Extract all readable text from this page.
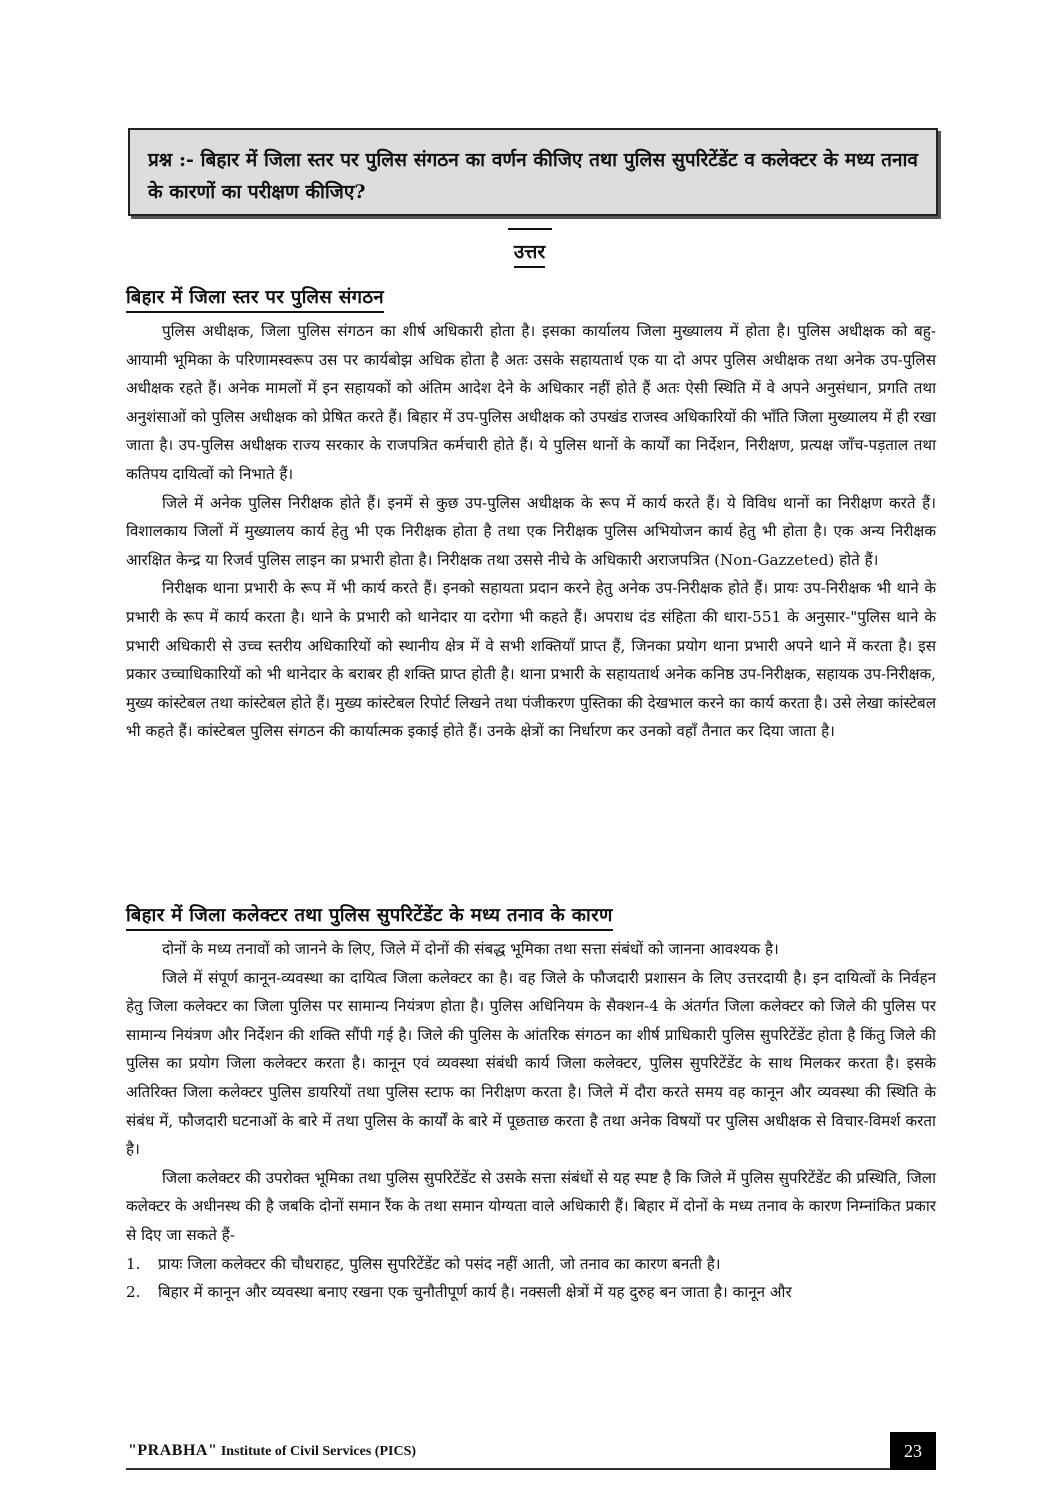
प्रश्न :- बिहार में जिला स्तर पर पुलिस संगठन का वर्णन कीजिए तथा पुलिस सुपरिटेंडेंट व कलेक्टर के मध्य तनाव के कारणों का परीक्षण कीजिए?
उत्तर
बिहार में जिला स्तर पर पुलिस संगठन

पुलिस अधीक्षक, जिला पुलिस संगठन का शीर्ष अधिकारी होता है। इसका कार्यालय जिला मुख्यालय में होता है। पुलिस अधीक्षक को बहु-आयामी भूमिका के परिणामस्वरूप उस पर कार्यबोझ अधिक होता है अतः उसके सहायतार्थ एक या दो अपर पुलिस अधीक्षक तथा अनेक उप-पुलिस अधीक्षक रहते हैं। अनेक मामलों में इन सहायकों को अंतिम आदेश देने के अधिकार नहीं होते हैं अतः ऐसी स्थिति में वे अपने अनुसंधान, प्रगति तथा अनुशंसाओं को पुलिस अधीक्षक को प्रेषित करते हैं। बिहार में उप-पुलिस अधीक्षक को उपखंड राजस्व अधिकारियों की भाँति जिला मुख्यालय में ही रखा जाता है। उप-पुलिस अधीक्षक राज्य सरकार के राजपत्रित कर्मचारी होते हैं। ये पुलिस थानों के कार्यों का निर्देशन, निरीक्षण, प्रत्यक्ष जाँच-पड़ताल तथा कतिपय दायित्वों को निभाते हैं।

जिले में अनेक पुलिस निरीक्षक होते हैं। इनमें से कुछ उप-पुलिस अधीक्षक के रूप में कार्य करते हैं। ये विविध थानों का निरीक्षण करते हैं। विशालकाय जिलों में मुख्यालय कार्य हेतु भी एक निरीक्षक होता है तथा एक निरीक्षक पुलिस अभियोजन कार्य हेतु भी होता है। एक अन्य निरीक्षक आरक्षित केन्द्र या रिजर्व पुलिस लाइन का प्रभारी होता है। निरीक्षक तथा उससे नीचे के अधिकारी अराजपत्रित (Non-Gazzeted) होते हैं।

निरीक्षक थाना प्रभारी के रूप में भी कार्य करते हैं। इनको सहायता प्रदान करने हेतु अनेक उप-निरीक्षक होते हैं। प्रायः उप-निरीक्षक भी थाने के प्रभारी के रूप में कार्य करता है। थाने के प्रभारी को थानेदार या दरोगा भी कहते हैं। अपराध दंड संहिता की धारा-551 के अनुसार-"पुलिस थाने के प्रभारी अधिकारी से उच्च स्तरीय अधिकारियों को स्थानीय क्षेत्र में वे सभी शक्तियाँ प्राप्त हैं, जिनका प्रयोग थाना प्रभारी अपने थाने में करता है। इस प्रकार उच्चाधिकारियों को भी थानेदार के बराबर ही शक्ति प्राप्त होती है। थाना प्रभारी के सहायतार्थ अनेक कनिष्ठ उप-निरीक्षक, सहायक उप-निरीक्षक, मुख्य कांस्टेबल तथा कांस्टेबल होते हैं। मुख्य कांस्टेबल रिपोर्ट लिखने तथा पंजीकरण पुस्तिका की देखभाल करने का कार्य करता है। उसे लेखा कांस्टेबल भी कहते हैं। कांस्टेबल पुलिस संगठन की कार्यात्मक इकाई होते हैं। उनके क्षेत्रों का निर्धारण कर उनको वहाँ तैनात कर दिया जाता है।

बिहार में जिला कलेक्टर तथा पुलिस सुपरिटेंडेंट के मध्य तनाव के कारण

दोनों के मध्य तनावों को जानने के लिए, जिले में दोनों की संबद्ध भूमिका तथा सत्ता संबंधों को जानना आवश्यक है।

जिले में संपूर्ण कानून-व्यवस्था का दायित्व जिला कलेक्टर का है। वह जिले के फौजदारी प्रशासन के लिए उत्तरदायी है। इन दायित्वों के निर्वहन हेतु जिला कलेक्टर का जिला पुलिस पर सामान्य नियंत्रण होता है। पुलिस अधिनियम के सैक्शन-4 के अंतर्गत जिला कलेक्टर को जिले की पुलिस पर सामान्य नियंत्रण और निर्देशन की शक्ति सौंपी गई है। जिले की पुलिस के आंतरिक संगठन का शीर्ष प्राधिकारी पुलिस सुपरिटेंडेंट होता है किंतु जिले की पुलिस का प्रयोग जिला कलेक्टर करता है। कानून एवं व्यवस्था संबंधी कार्य जिला कलेक्टर, पुलिस सुपरिटेंडेंट के साथ मिलकर करता है। इसके अतिरिक्त जिला कलेक्टर पुलिस डायरियों तथा पुलिस स्टाफ का निरीक्षण करता है। जिले में दौरा करते समय वह कानून और व्यवस्था की स्थिति के संबंध में, फौजदारी घटनाओं के बारे में तथा पुलिस के कार्यों के बारे में पूछताछ करता है तथा अनेक विषयों पर पुलिस अधीक्षक से विचार-विमर्श करता है।

जिला कलेक्टर की उपरोक्त भूमिका तथा पुलिस सुपरिटेंडेंट से उसके सत्ता संबंधों से यह स्पष्ट है कि जिले में पुलिस सुपरिटेंडेंट की प्रस्थिति, जिला कलेक्टर के अधीनस्थ की है जबकि दोनों समान रैंक के तथा समान योग्यता वाले अधिकारी हैं। बिहार में दोनों के मध्य तनाव के कारण निम्नांकित प्रकार से दिए जा सकते हैं-

1.	प्रायः जिला कलेक्टर की चौधराहट, पुलिस सुपरिटेंडेंट को पसंद नहीं आती, जो तनाव का कारण बनती है।
2.	बिहार में कानून और व्यवस्था बनाए रखना एक चुनौतीपूर्ण कार्य है। नक्सली क्षेत्रों में यह दुरुह बन जाता है। कानून और
"PRABHA" Institute of Civil Services (PICS)	23
